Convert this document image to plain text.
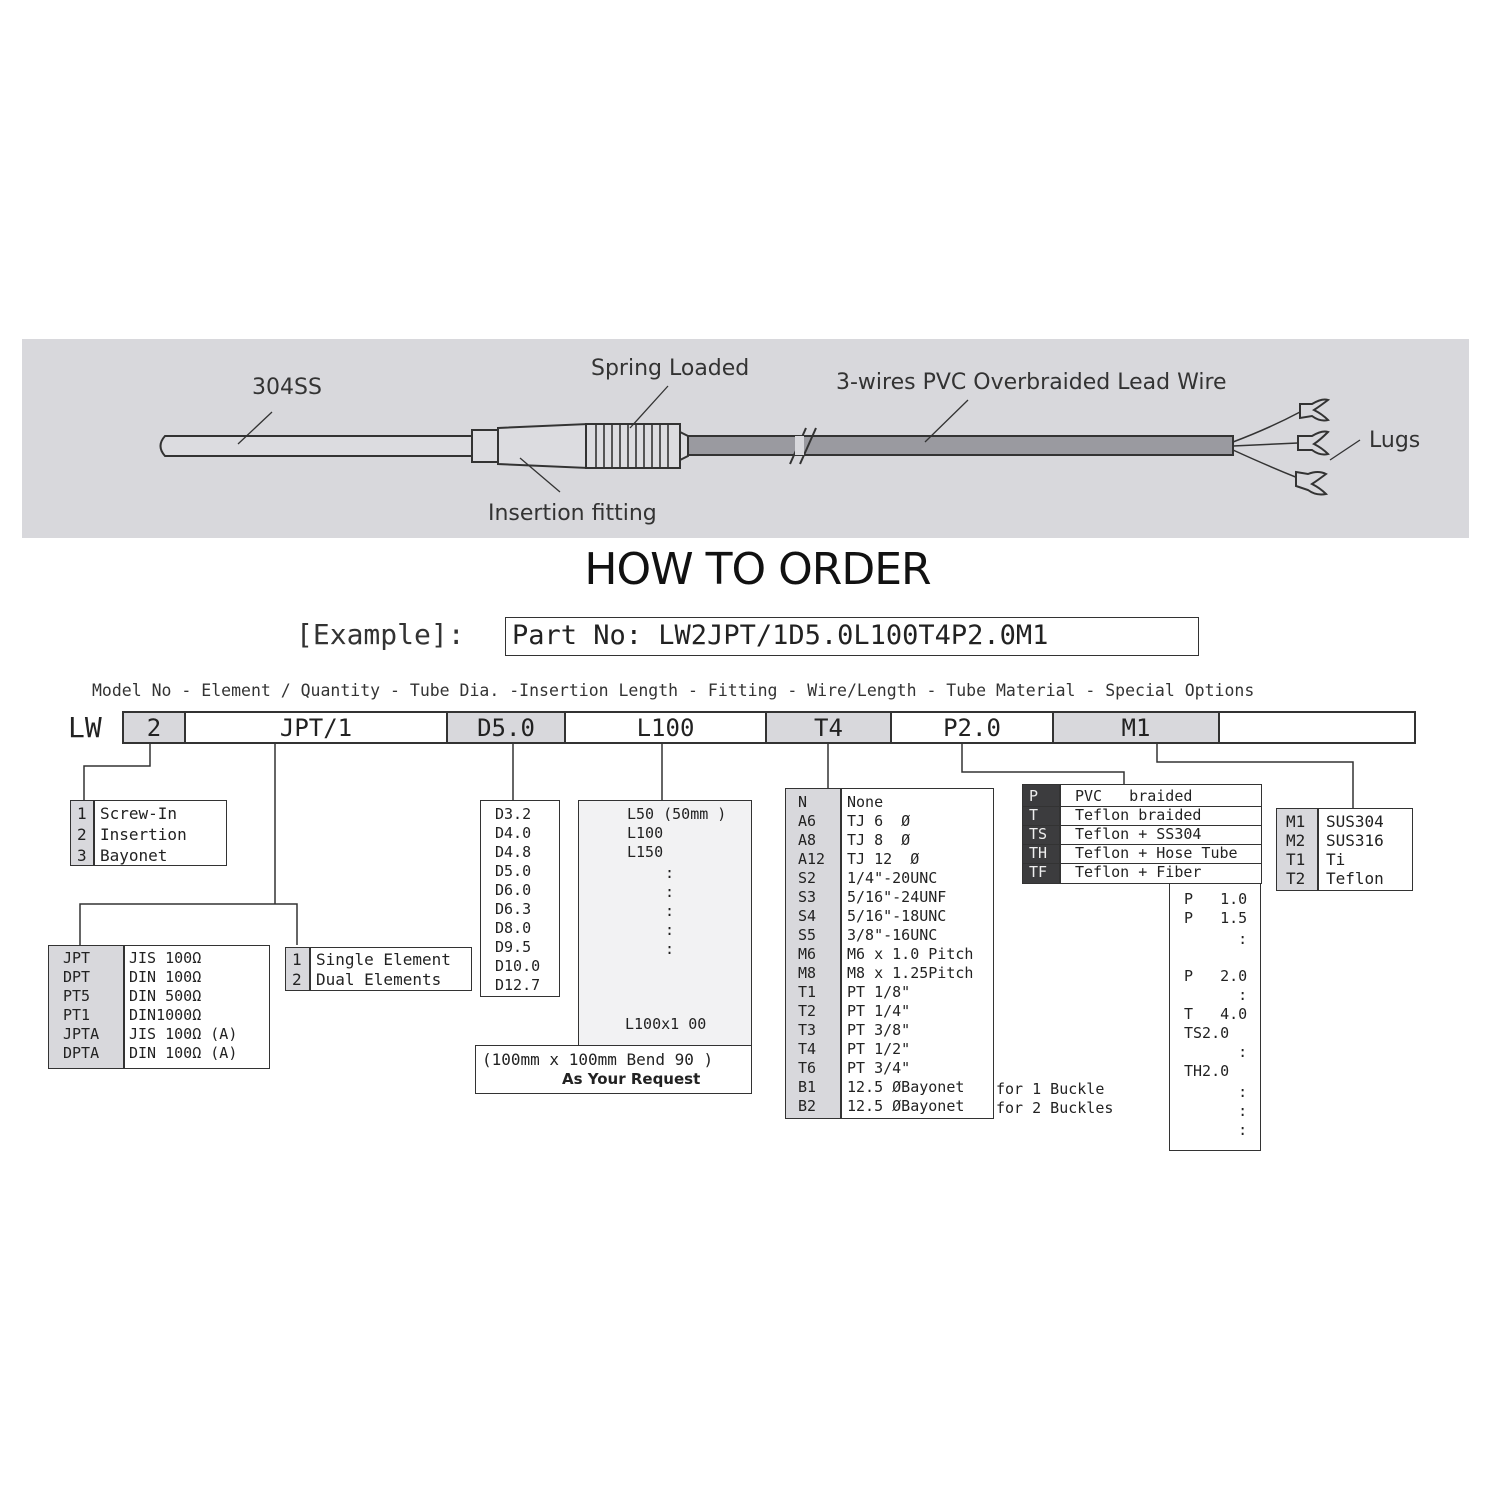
304SS
Spring Loaded
3-wires PVC Overbraided Lead Wire
Lugs
Insertion fitting
HOW TO ORDER
[Example]: Part No: LW2JPT/1D5.0L100T4P2.0M1
Model No - Element / Quantity - Tube Dia. -Insertion Length - Fitting - Wire/Length - Tube Material - Special Options
LW	2	JPT/1	D5.0	L100	T4	P2.0	M1
1 Screw-In
2 Insertion
3 Bayonet
JPT	JIS 100Ω
DPT	DIN 100Ω
PT5	DIN 500Ω
PT1	DIN1000Ω
JPTA JIS 100Ω (A)
DPTA DIN 100Ω (A)
1 Single Element
2 Dual Elements
D3.2
D4.0
D4.8
D5.0
D6.0
D6.3
D8.0
D9.5
D10.0
D12.7
L50 (50mm )
L100
L150
:
:
:
:
:
L100x1 00
(100mm x 100mm Bend 90 )
As Your Request
N	None
A6 TJ 6  Ø
A8 TJ 8  Ø
A12 TJ 12  Ø
S2 1/4"-20UNC
S3 5/16"-24UNF
S4 5/16"-18UNC
S5 3/8"-16UNC
M6 M6 x 1.0 Pitch
M8 M8 x 1.25Pitch
T1 PT 1/8"
T2 PT 1/4"
T3 PT 3/8"
T4 PT 1/2"
T6 PT 3/4"
B1 12.5 ØBayonet
B2 12.5 ØBayonet
for 1 Buckle
for 2 Buckles
P PVC   braided
T Teflon braided
TS Teflon + SS304
TH Teflon + Hose Tube
TF Teflon + Fiber
P   1.0
P   1.5
:
P   2.0
:
T   4.0
TS2.0
:
TH2.0
:
:
:
M1 SUS304
M2 SUS316
T1 Ti
T2 Teflon
